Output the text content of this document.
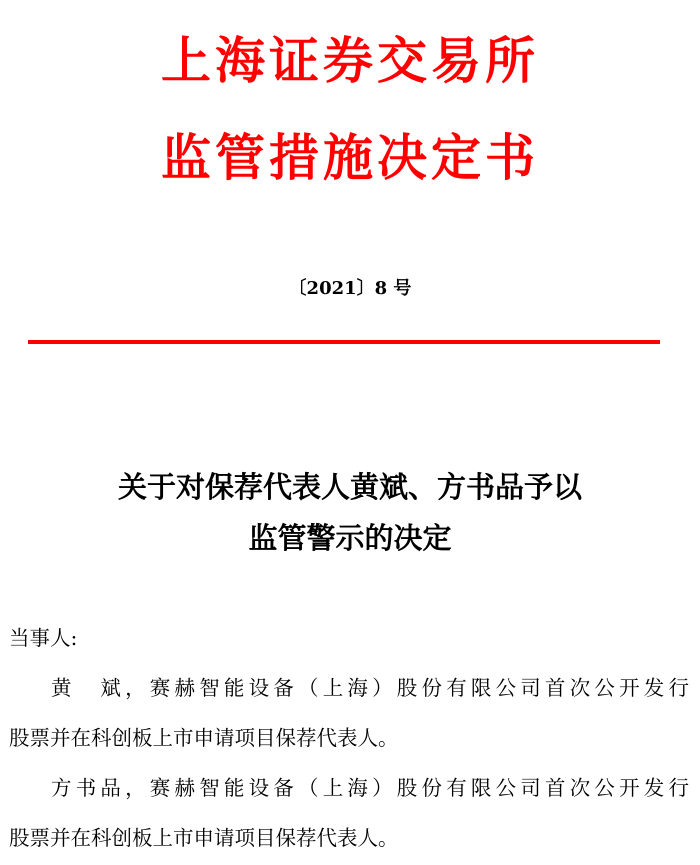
上海证券交易所
监管措施决定书
〔2021〕8 号
关于对保荐代表人黄斌、方书品予以
监管警示的决定
当事人:
黄　斌，赛赫智能设备（上海）股份有限公司首次公开发行
股票并在科创板上市申请项目保荐代表人。
方书品，赛赫智能设备（上海）股份有限公司首次公开发行
股票并在科创板上市申请项目保荐代表人。
